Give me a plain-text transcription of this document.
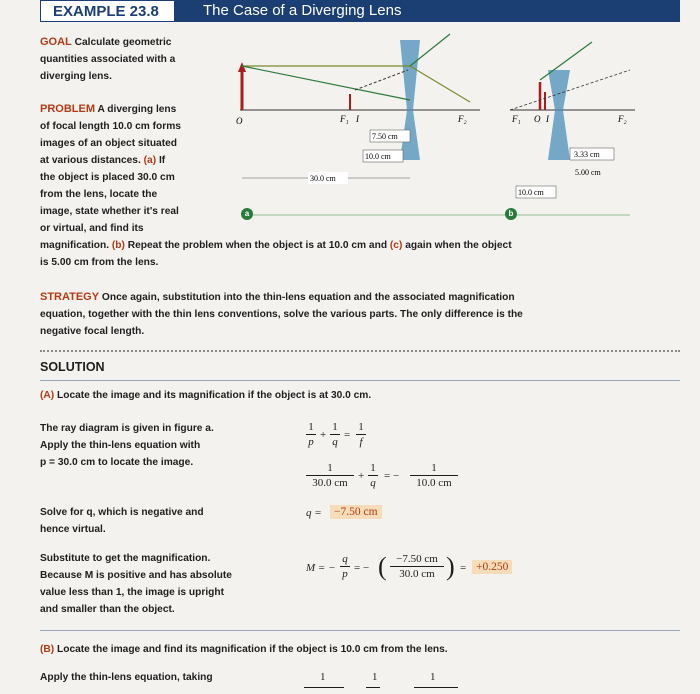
EXAMPLE 23.8	The Case of a Diverging Lens
GOAL Calculate geometric
quantities associated with a
diverging lens.
PROBLEM A diverging lens
of focal length 10.0 cm forms
images of an object situated
at various distances. (a) If
the object is placed 30.0 cm
from the lens, locate the
image, state whether it's real
or virtual, and find its
magnification. (b) Repeat the problem when the object is at 10.0 cm and (c) again when the object
is 5.00 cm from the lens.
STRATEGY Once again, substitution into the thin-lens equation and the associated magnification
equation, together with the thin lens conventions, solve the various parts. The only difference is the
negative focal length.
SOLUTION
(A) Locate the image and its magnification if the object is at 30.0 cm.
The ray diagram is given in figure a.
Apply the thin-lens equation with
p = 30.0 cm to locate the image.
1
p
+
1
q
=
1
f
1
30.0 cm
+
1
q
= −
1
10.0 cm
Solve for q, which is negative and
hence virtual.
q =	−7.50 cm
Substitute to get the magnification.
Because M is positive and has absolute
value less than 1, the image is upright
and smaller than the object.
M = −
q
p = − ( −7.50 cm
30.0 cm ) = +0.250
(B) Locate the image and find its magnification if the object is 10.0 cm from the lens.
Apply the thin-lens equation, taking	1	1	1
O	F₁ I	F₂
7.50 cm
10.0 cm
30.0 cm
F₁ O I	F₂
3.33 cm
5.00 cm
10.0 cm
a	b
